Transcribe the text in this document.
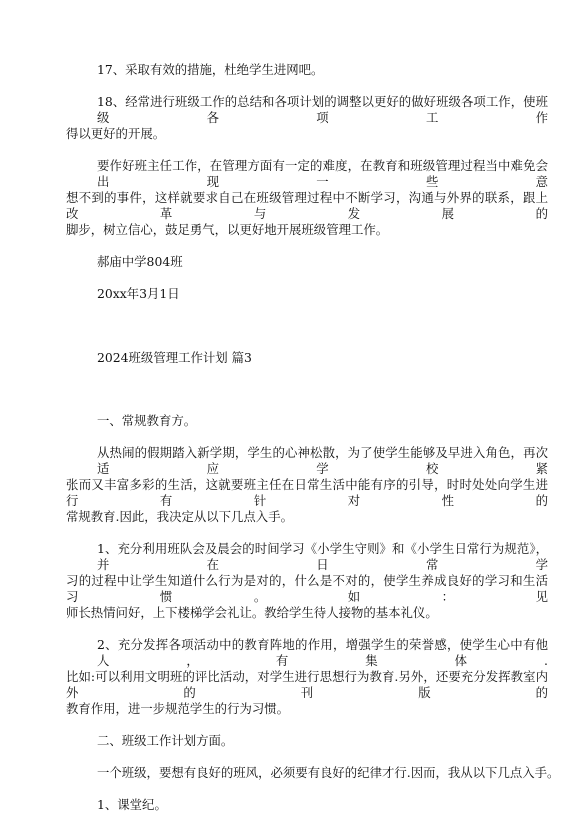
17、采取有效的措施，杜绝学生进网吧。
18、经常进行班级工作的总结和各项计划的调整以更好的做好班级各项工作，使班级各项工作
得以更好的开展。
要作好班主任工作，在管理方面有一定的难度，在教育和班级管理过程当中难免会出现一些意
想不到的事件，这样就要求自己在班级管理过程中不断学习，沟通与外界的联系，跟上改革与发展的
脚步，树立信心，鼓足勇气，以更好地开展班级管理工作。
郝庙中学804班
20xx年3月1日
2024班级管理工作计划 篇3
一、常规教育方。
从热闹的假期踏入新学期，学生的心神松散，为了使学生能够及早进入角色，再次适应学校紧
张而又丰富多彩的生活，这就要班主任在日常生活中能有序的引导，时时处处向学生进行有针对性的
常规教育.因此，我决定从以下几点入手。
1、充分利用班队会及晨会的时间学习《小学生守则》和《小学生日常行为规范》，并在日常学
习的过程中让学生知道什么行为是对的，什么是不对的，使学生养成良好的学习和生活习惯。如：见
师长热情问好，上下楼梯学会礼让。教给学生待人接物的基本礼仪。
2、充分发挥各项活动中的教育阵地的作用，增强学生的荣誉感，使学生心中有他人，有集体.
比如:可以利用文明班的评比活动，对学生进行思想行为教育.另外，还要充分发挥教室内外的刊版的
教育作用，进一步规范学生的行为习惯。
二、班级工作计划方面。
一个班级，要想有良好的班风，必须要有良好的纪律才行.因而，我从以下几点入手。
1、课堂纪。
